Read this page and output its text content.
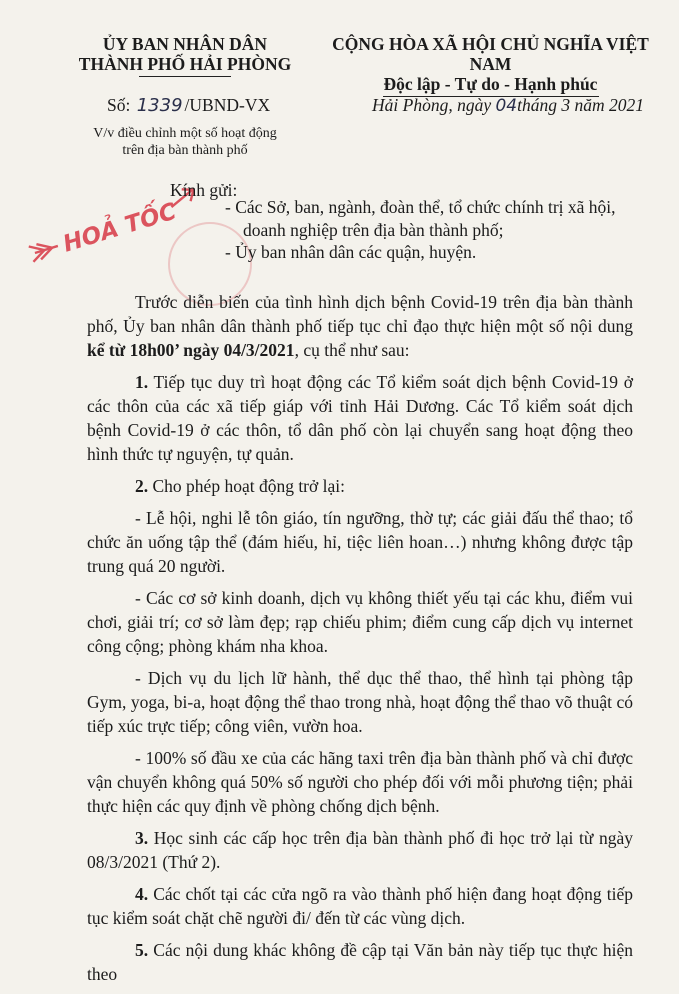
ỦY BAN NHÂN DÂN
THÀNH PHỐ HẢI PHÒNG
CỘNG HÒA XÃ HỘI CHỦ NGHĨA VIỆT NAM
Độc lập - Tự do - Hạnh phúc
Số: 1339 /UBND-VX
V/v điều chỉnh một số hoạt động
trên địa bàn thành phố
Hải Phòng, ngày 04tháng 3 năm 2021
HOẢ TỐC
Kính gửi:
- Các Sở, ban, ngành, đoàn thể, tổ chức chính trị xã hội,
doanh nghiệp trên địa bàn thành phố;
- Ủy ban nhân dân các quận, huyện.

Trước diễn biến của tình hình dịch bệnh Covid-19 trên địa bàn thành phố, Ủy ban nhân dân thành phố tiếp tục chỉ đạo thực hiện một số nội dung kể từ 18h00’ ngày 04/3/2021, cụ thể như sau:

1. Tiếp tục duy trì hoạt động các Tổ kiểm soát dịch bệnh Covid-19 ở các thôn của các xã tiếp giáp với tỉnh Hải Dương. Các Tổ kiểm soát dịch bệnh Covid-19 ở các thôn, tổ dân phố còn lại chuyển sang hoạt động theo hình thức tự nguyện, tự quản.

2. Cho phép hoạt động trở lại:

- Lễ hội, nghi lễ tôn giáo, tín ngưỡng, thờ tự; các giải đấu thể thao; tổ chức ăn uống tập thể (đám hiếu, hỉ, tiệc liên hoan…) nhưng không được tập trung quá 20 người.

- Các cơ sở kinh doanh, dịch vụ không thiết yếu tại các khu, điểm vui chơi, giải trí; cơ sở làm đẹp; rạp chiếu phim; điểm cung cấp dịch vụ internet công cộng; phòng khám nha khoa.

- Dịch vụ du lịch lữ hành, thể dục thể thao, thể hình tại phòng tập Gym, yoga, bi-a, hoạt động thể thao trong nhà, hoạt động thể thao võ thuật có tiếp xúc trực tiếp; công viên, vườn hoa.

- 100% số đầu xe của các hãng taxi trên địa bàn thành phố và chỉ được vận chuyển không quá 50% số người cho phép đối với mỗi phương tiện; phải thực hiện các quy định về phòng chống dịch bệnh.

3. Học sinh các cấp học trên địa bàn thành phố đi học trở lại từ ngày 08/3/2021 (Thứ 2).

4. Các chốt tại các cửa ngõ ra vào thành phố hiện đang hoạt động tiếp tục kiểm soát chặt chẽ người đi/ đến từ các vùng dịch.

5. Các nội dung khác không đề cập tại Văn bản này tiếp tục thực hiện theo
